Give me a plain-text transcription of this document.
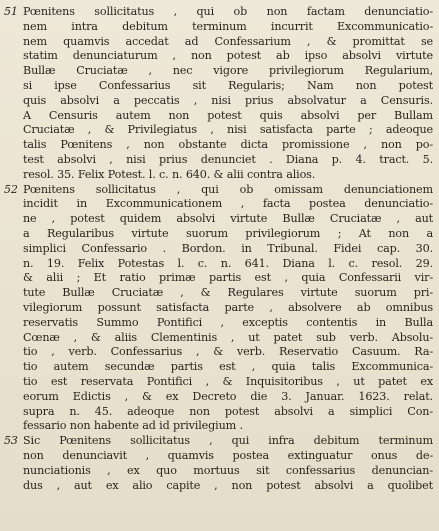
51 Pœnitens sollicitatus , qui ob non factam denunciatio-
nem intra debitum terminum incurrit Excommunicatio-
nem quamvis accedat ad Confessarium , & promittat se
statim denunciaturum , non potest ab ipso absolvi virtute
Bullæ Cruciatæ , nec vigore privilegiorum Regularium,
si ipse Confessarius sit Regularis; Nam non potest
quis absolvi a peccatis , nisi prius absolvatur a Censuris.
A Censuris autem non potest quis absolvi per Bullam
Cruciatæ , & Privilegiatus , nisi satisfacta parte ; adeoque
talis Pœnitens , non obstante dicta promissione , non po-
test absolvi , nisi prius denunciet . Diana p. 4. tract. 5.
resol. 35. Felix Potest. l. c. n. 640. & alii contra alios.
52 Pœnitens sollicitatus , qui ob omissam denunciationem
incidit in Excommunicationem , facta postea denunciatio-
ne , potest quidem absolvi virtute Bullæ Cruciatæ , aut
a Regularibus virtute suorum privilegiorum ; At non a
simplici Confessario . Bordon. in Tribunal. Fidei cap. 30.
n. 19. Felix Potestas l. c. n. 641. Diana l. c. resol. 29.
& alii ; Et ratio primæ partis est , quia Confessarii vir-
tute Bullæ Cruciatæ , & Regulares virtute suorum pri-
vilegiorum possunt satisfacta parte , absolvere ab omnibus
reservatis Summo Pontifici , exceptis contentis in Bulla
Cœnæ , & aliis Clementinis , ut patet sub verb. Absolu-
tio , verb. Confessarius , & verb. Reservatio Casuum. Ra-
tio autem secundæ partis est , quia talis Excommunica-
tio est reservata Pontifici , & Inquisitoribus , ut patet ex
eorum Edictis , & ex Decreto die 3. Januar. 1623. relat.
supra n. 45. adeoque non potest absolvi a simplici Con-
fessario non habente ad id privilegium .
53 Sic Pœnitens sollicitatus , qui infra debitum terminum
non denunciavit , quamvis postea extinguatur onus de-
nunciationis , ex quo mortuus sit confessarius denuncian-
dus , aut ex alio capite , non potest absolvi a quolibet
